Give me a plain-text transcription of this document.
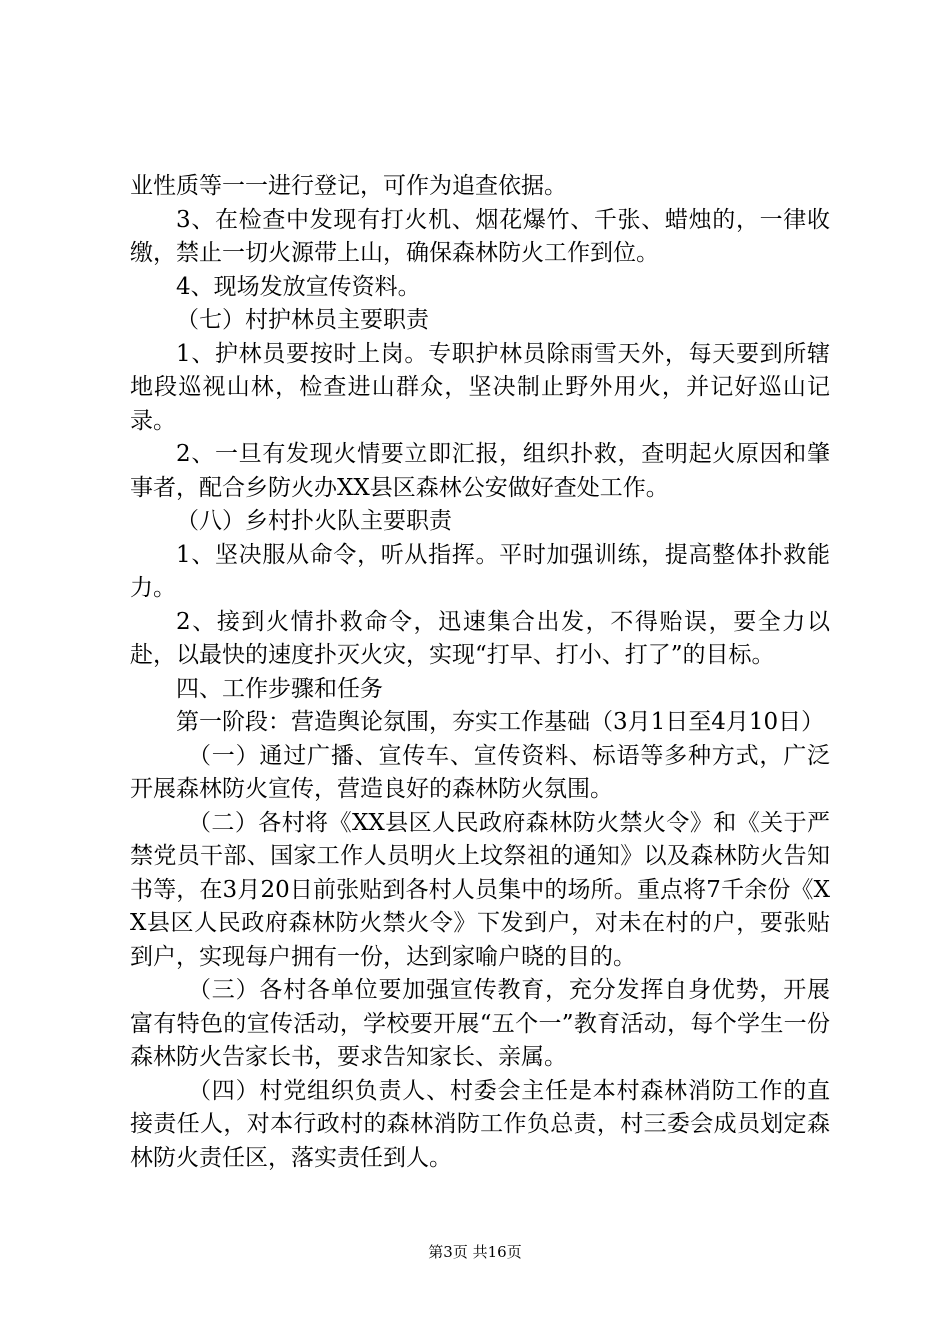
业性质等一一进行登记，可作为追查依据。

3、在检查中发现有打火机、烟花爆竹、千张、蜡烛的，一律收缴，禁止一切火源带上山，确保森林防火工作到位。

4、现场发放宣传资料。

（七）村护林员主要职责

1、护林员要按时上岗。专职护林员除雨雪天外，每天要到所辖地段巡视山林，检查进山群众，坚决制止野外用火，并记好巡山记录。

2、一旦有发现火情要立即汇报，组织扑救，查明起火原因和肇事者，配合乡防火办XX县区森林公安做好查处工作。

（八）乡村扑火队主要职责

1、坚决服从命令，听从指挥。平时加强训练，提高整体扑救能力。

2、接到火情扑救命令，迅速集合出发，不得贻误，要全力以赴，以最快的速度扑灭火灾，实现“打早、打小、打了”的目标。

四、工作步骤和任务

第一阶段：营造舆论氛围，夯实工作基础（3月1日至4月10日）

（一）通过广播、宣传车、宣传资料、标语等多种方式，广泛开展森林防火宣传，营造良好的森林防火氛围。

（二）各村将《XX县区人民政府森林防火禁火令》和《关于严禁党员干部、国家工作人员明火上坟祭祖的通知》以及森林防火告知书等，在3月20日前张贴到各村人员集中的场所。重点将7千余份《XX县区人民政府森林防火禁火令》下发到户，对未在村的户，要张贴到户，实现每户拥有一份，达到家喻户晓的目的。

（三）各村各单位要加强宣传教育，充分发挥自身优势，开展富有特色的宣传活动，学校要开展“五个一”教育活动，每个学生一份森林防火告家长书，要求告知家长、亲属。

（四）村党组织负责人、村委会主任是本村森林消防工作的直接责任人，对本行政村的森林消防工作负总责，村三委会成员划定森林防火责任区，落实责任到人。

第3页 共16页
